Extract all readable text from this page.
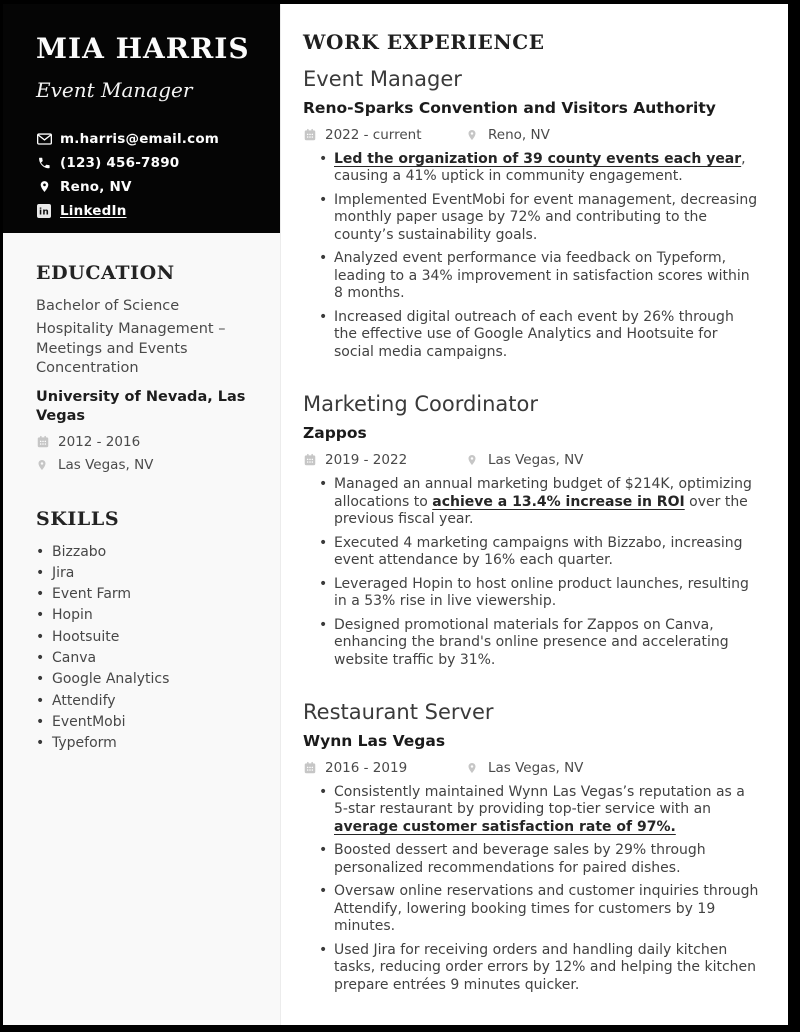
MIA HARRIS
Event Manager
m.harris@email.com
(123) 456-7890
Reno, NV
in LinkedIn
EDUCATION

Bachelor of Science

Hospitality Management – Meetings and Events Concentration

University of Nevada, Las Vegas

2012 - 2016
Las Vegas, NV
SKILLS
• Bizzabo
• Jira
• Event Farm
• Hopin
• Hootsuite
• Canva
• Google Analytics
• Attendify
• EventMobi
• Typeform
WORK EXPERIENCE
Event Manager
Reno-Sparks Convention and Visitors Authority
2022 - current	Reno, NV
• Led the organization of 39 county events each year, causing a 41% uptick in community engagement.
• Implemented EventMobi for event management, decreasing monthly paper usage by 72% and contributing to the county’s sustainability goals.
• Analyzed event performance via feedback on Typeform, leading to a 34% improvement in satisfaction scores within 8 months.
• Increased digital outreach of each event by 26% through the effective use of Google Analytics and Hootsuite for social media campaigns.
Marketing Coordinator
Zappos
2019 - 2022	Las Vegas, NV
• Managed an annual marketing budget of $214K, optimizing allocations to achieve a 13.4% increase in ROI over the previous fiscal year.
• Executed 4 marketing campaigns with Bizzabo, increasing event attendance by 16% each quarter.
• Leveraged Hopin to host online product launches, resulting in a 53% rise in live viewership.
• Designed promotional materials for Zappos on Canva, enhancing the brand's online presence and accelerating website traffic by 31%.
Restaurant Server
Wynn Las Vegas
2016 - 2019	Las Vegas, NV
• Consistently maintained Wynn Las Vegas’s reputation as a 5-star restaurant by providing top-tier service with an average customer satisfaction rate of 97%.
• Boosted dessert and beverage sales by 29% through personalized recommendations for paired dishes.
• Oversaw online reservations and customer inquiries through Attendify, lowering booking times for customers by 19 minutes.
• Used Jira for receiving orders and handling daily kitchen tasks, reducing order errors by 12% and helping the kitchen prepare entrées 9 minutes quicker.
